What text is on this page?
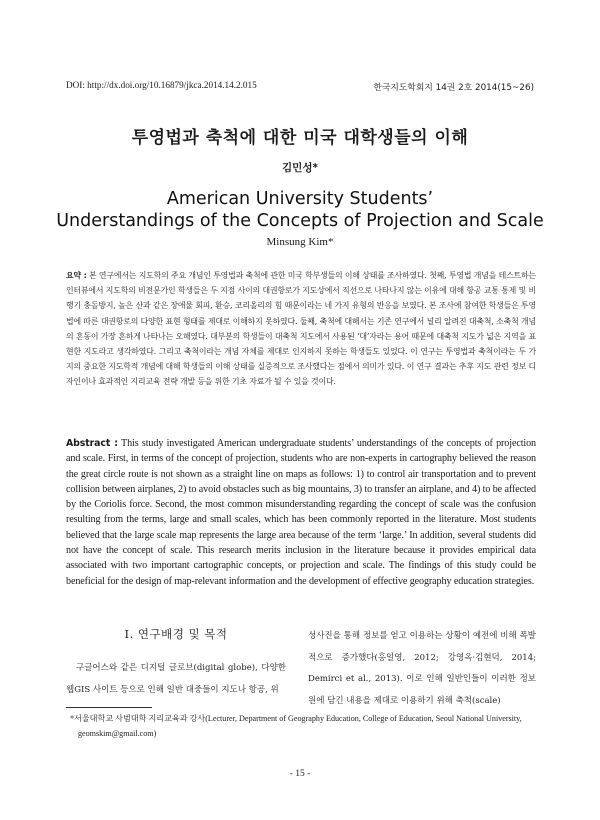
DOI: http://dx.doi.org/10.16879/jkca.2014.14.2.015	한국지도학회지 14권 2호 2014(15~26)
투영법과 축척에 대한 미국 대학생들의 이해
김민성*
American University Students’
Understandings of the Concepts of Projection and Scale
Minsung Kim*
요약 : 본 연구에서는 지도학의 주요 개념인 투영법과 축척에 관한 미국 학부생들의 이해 상태를 조사하였다. 첫째, 투영법 개념을 테스트하는 인터뷰에서 지도학의 비전문가인 학생들은 두 지점 사이의 대권항로가 지도상에서 직선으로 나타나지 않는 이유에 대해 항공 교통 통제 및 비행기 충돌방지, 높은 산과 같은 장애물 회피, 환승, 코리올리의 힘 때문이라는 네 가지 유형의 반응을 보였다. 본 조사에 참여한 학생들은 투영법에 따른 대권항로의 다양한 표현 형태를 제대로 이해하지 못하였다. 둘째, 축척에 대해서는 기존 연구에서 널리 알려진 대축척, 소축척 개념의 혼동이 가장 흔하게 나타나는 오해였다. 대부분의 학생들이 대축척 지도에서 사용된 ‘대’자라는 용어 때문에 대축척 지도가 넓은 지역을 표현한 지도라고 생각하였다. 그리고 축척이라는 개념 자체를 제대로 인지하지 못하는 학생들도 있었다. 이 연구는 투영법과 축척이라는 두 가지의 중요한 지도학적 개념에 대해 학생들의 이해 상태를 실증적으로 조사했다는 점에서 의미가 있다. 이 연구 결과는 추후 지도 관련 정보 디자인이나 효과적인 지리교육 전략 개발 등을 위한 기초 자료가 될 수 있을 것이다.
Abstract : This study investigated American undergraduate students’ understandings of the concepts of projection and scale. First, in terms of the concept of projection, students who are non-experts in cartography believed the reason the great circle route is not shown as a straight line on maps as follows: 1) to control air transportation and to prevent collision between airplanes, 2) to avoid obstacles such as big mountains, 3) to transfer an airplane, and 4) to be affected by the Coriolis force. Second, the most common misunderstanding regarding the concept of scale was the confusion resulting from the terms, large and small scales, which has been commonly reported in the literature. Most students believed that the large scale map represents the large area because of the term ‘large.’ In addition, several students did not have the concept of scale. This research merits inclusion in the literature because it provides empirical data associated with two important cartographic concepts, or projection and scale. The findings of this study could be beneficial for the design of map-relevant information and the development of effective geography education strategies.
I. 연구배경 및 목적
구글어스와 같은 디지털 글로브(digital globe), 다양한 웹GIS 사이트 등으로 인해 일반 대중들이 지도나 항공, 위
성사진을 통해 정보를 얻고 이용하는 상황이 예전에 비해 폭발적으로 증가했다(홍일영, 2012; 강영옥·김현덕, 2014; Demirci et al., 2013). 이로 인해 일반인들이 이러한 정보원에 담긴 내용을 제대로 이용하기 위해 축척(scale)
*서울대학교 사범대학 지리교육과 강사(Lecturer, Department of Geography Education, College of Education, Seoul National University,
geomskim@gmail.com)
- 15 -
